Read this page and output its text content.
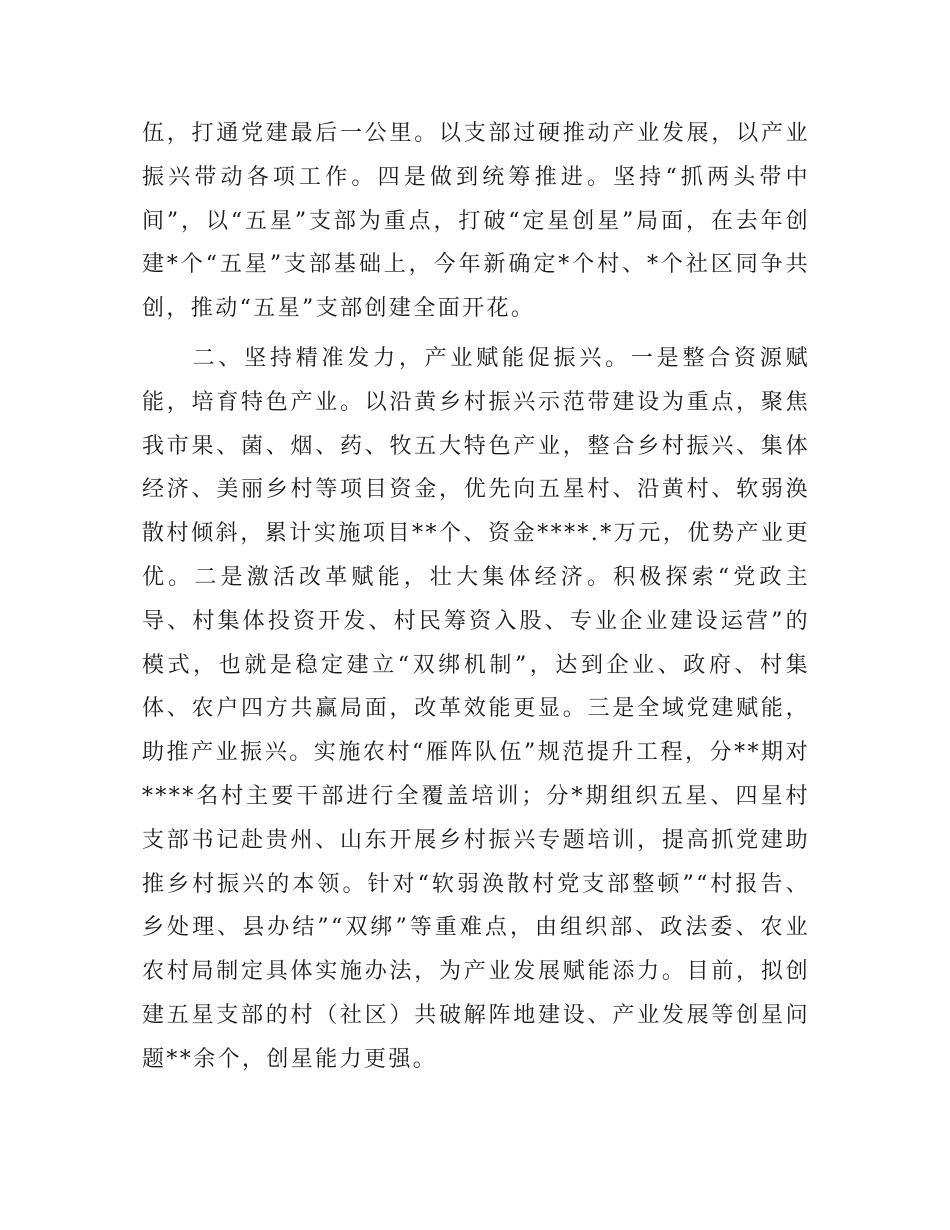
伍，打通党建最后一公里。以支部过硬推动产业发展，以产业振兴带动各项工作。四是做到统筹推进。坚持“抓两头带中间”，以“五星”支部为重点，打破“定星创星”局面，在去年创建*个“五星”支部基础上，今年新确定*个村、*个社区同争共创，推动“五星”支部创建全面开花。

二、坚持精准发力，产业赋能促振兴。一是整合资源赋能，培育特色产业。以沿黄乡村振兴示范带建设为重点，聚焦我市果、菌、烟、药、牧五大特色产业，整合乡村振兴、集体经济、美丽乡村等项目资金，优先向五星村、沿黄村、软弱涣散村倾斜，累计实施项目**个、资金****.*万元，优势产业更优。二是激活改革赋能，壮大集体经济。积极探索“党政主导、村集体投资开发、村民筹资入股、专业企业建设运营”的模式，也就是稳定建立“双绑机制”，达到企业、政府、村集体、农户四方共赢局面，改革效能更显。三是全域党建赋能，助推产业振兴。实施农村“雁阵队伍”规范提升工程，分**期对****名村主要干部进行全覆盖培训；分*期组织五星、四星村支部书记赴贵州、山东开展乡村振兴专题培训，提高抓党建助推乡村振兴的本领。针对“软弱涣散村党支部整顿”“村报告、乡处理、县办结”“双绑”等重难点，由组织部、政法委、农业农村局制定具体实施办法，为产业发展赋能添力。目前，拟创建五星支部的村（社区）共破解阵地建设、产业发展等创星问题**余个，创星能力更强。
